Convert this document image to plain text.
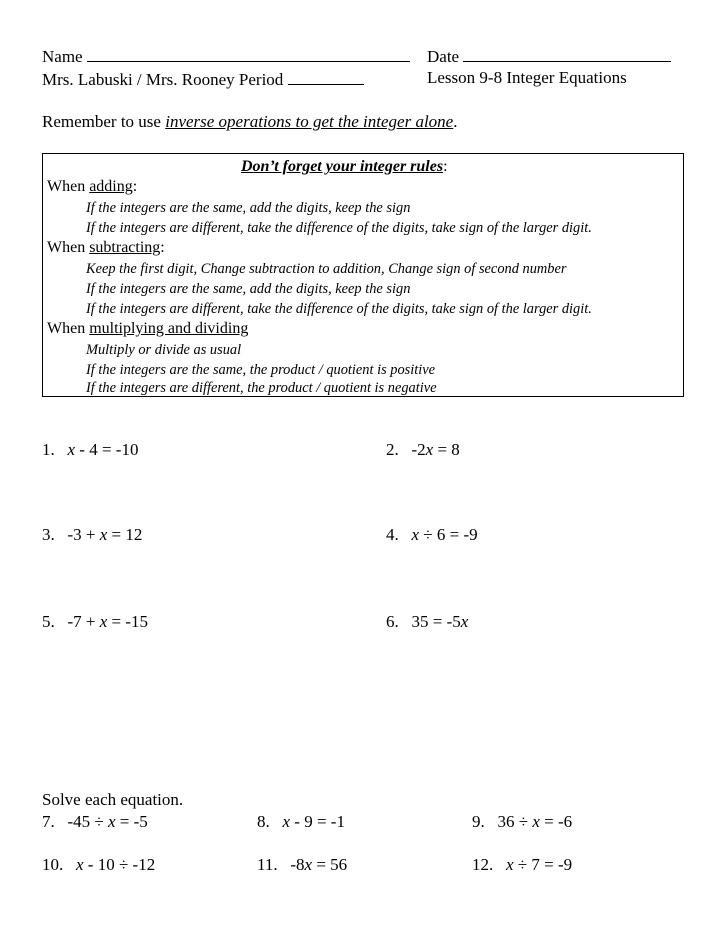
Name	Date
Mrs. Labuski / Mrs. Rooney Period	Lesson 9-8 Integer Equations
Remember to use inverse operations to get the integer alone.
Don’t forget your integer rules:
When adding:
If the integers are the same, add the digits, keep the sign
If the integers are different, take the difference of the digits, take sign of the larger digit.
When subtracting:
Keep the first digit, Change subtraction to addition, Change sign of second number
If the integers are the same, add the digits, keep the sign
If the integers are different, take the difference of the digits, take sign of the larger digit.
When multiplying and dividing
Multiply or divide as usual
If the integers are the same, the product / quotient is positive
If the integers are different, the product / quotient is negative
1. x - 4 = -10	2. -2x = 8
3. -3 + x = 12	4. x ÷ 6 = -9
5. -7 + x = -15	6. 35 = -5x
Solve each equation.
7. -45 ÷ x = -5	8. x - 9 = -1	9. 36 ÷ x = -6
10. x - 10 ÷ -12	11. -8x = 56	12. x ÷ 7 = -9
